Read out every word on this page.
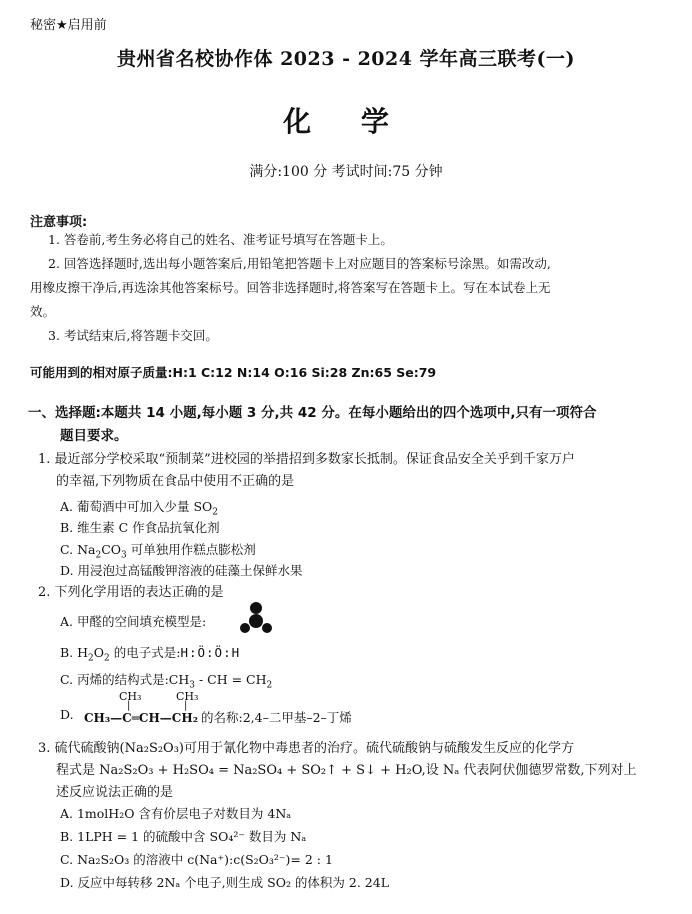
秘密★启用前
贵州省名校协作体 2023 - 2024 学年高三联考(一)
化 学
满分:100 分 考试时间:75 分钟
注意事项:
1. 答卷前,考生务必将自己的姓名、准考证号填写在答题卡上。
2. 回答选择题时,选出每小题答案后,用铅笔把答题卡上对应题目的答案标号涂黑。如需改动,
用橡皮擦干净后,再选涂其他答案标号。回答非选择题时,将答案写在答题卡上。写在本试卷上无
效。
3. 考试结束后,将答题卡交回。
可能用到的相对原子质量:H:1 C:12 N:14 O:16 Si:28 Zn:65 Se:79
一、选择题:本题共 14 小题,每小题 3 分,共 42 分。在每小题给出的四个选项中,只有一项符合
题目要求。
1. 最近部分学校采取“预制菜”进校园的举措招到多数家长抵制。保证食品安全关乎到千家万户
的幸福,下列物质在食品中使用不正确的是
A. 葡萄酒中可加入少量 $SO_2$
B. 维生素 C 作食品抗氧化剂
C. $Na_2CO_3$ 可单独用作糕点膨松剂
D. 用浸泡过高锰酸钾溶液的硅藻土保鲜水果
2. 下列化学用语的表达正确的是
A. 甲醛的空间填充模型是:
B. $H_2O_2$ 的电子式是:H:Ö:Ö:H
C. 丙烯的结构式是$:CH_3$ - CH = $CH_2$
D.
CH₃	CH₃
|	|
CH₃—C═CH—CH₂ 的名称:2,4–二甲基–2–丁烯
3. 硫代硫酸钠(Na₂S₂O₃)可用于氰化物中毒患者的治疗。硫代硫酸钠与硫酸发生反应的化学方
程式是 Na₂S₂O₃ + H₂SO₄ = Na₂SO₄ + SO₂↑ + S↓ + H₂O,设 Nₐ 代表阿伏伽德罗常数,下列对上
述反应说法正确的是
A. 1molH₂O 含有价层电子对数目为 4Nₐ
B. 1LPH = 1 的硫酸中含 SO₄²⁻ 数目为 Nₐ
C. Na₂S₂O₃ 的溶液中 c(Na⁺):c(S₂O₃²⁻)= 2 : 1
D. 反应中每转移 2Nₐ 个电子,则生成 SO₂ 的体积为 2. 24L
